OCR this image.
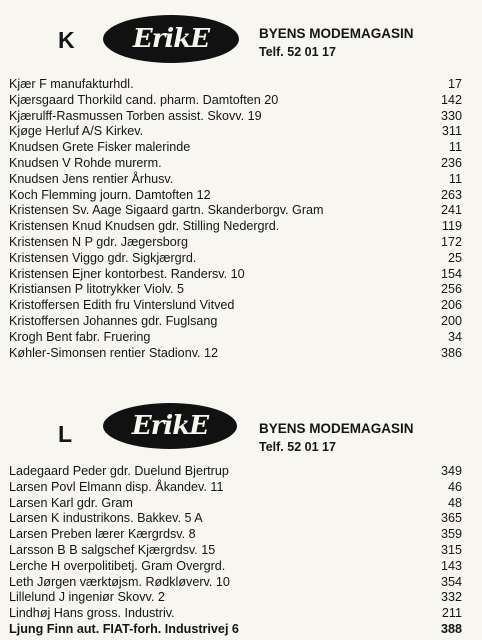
K	ErikE	BYENS MODEMAGASIN
Telf. 52 01 17
Kjær F manufakturhdl.	17
Kjærsgaard Thorkild cand. pharm. Damtoften 20	142
Kjærulff-Rasmussen Torben assist. Skovv. 19	330
Kjøge Herluf A/S Kirkev.	311
Knudsen Grete Fisker malerinde	11
Knudsen V Rohde murerm.	236
Knudsen Jens rentier Århusv.	11
Koch Flemming journ. Damtoften 12	263
Kristensen Sv. Aage Sigaard gartn. Skanderborgv. Gram	241
Kristensen Knud Knudsen gdr. Stilling Nedergrd.	119
Kristensen N P gdr. Jægersborg	172
Kristensen Viggo gdr. Sigkjærgrd.	25
Kristensen Ejner kontorbest. Randersv. 10	154
Kristiansen P litotrykker Violv. 5	256
Kristoffersen Edith fru Vinterslund Vitved	206
Kristoffersen Johannes gdr. Fuglsang	200
Krogh Bent fabr. Fruering	34
Køhler-Simonsen rentier Stadionv. 12	386
L	ErikE	BYENS MODEMAGASIN
Telf. 52 01 17
Ladegaard Peder gdr. Duelund Bjertrup	349
Larsen Povl Elmann disp. Åkandev. 11	46
Larsen Karl gdr. Gram	48
Larsen K industrikons. Bakkev. 5 A	365
Larsen Preben lærer Kærgrdsv. 8	359
Larsson B B salgschef Kjærgrdsv. 15	315
Lerche H overpolitibetj. Gram Overgrd.	143
Leth Jørgen værktøjsm. Rødkløverv. 10	354
Lillelund J ingeniør Skovv. 2	332
Lindhøj Hans gross. Industriv.	211
Ljung Finn aut. FIAT-forh. Industrivej 6	388
